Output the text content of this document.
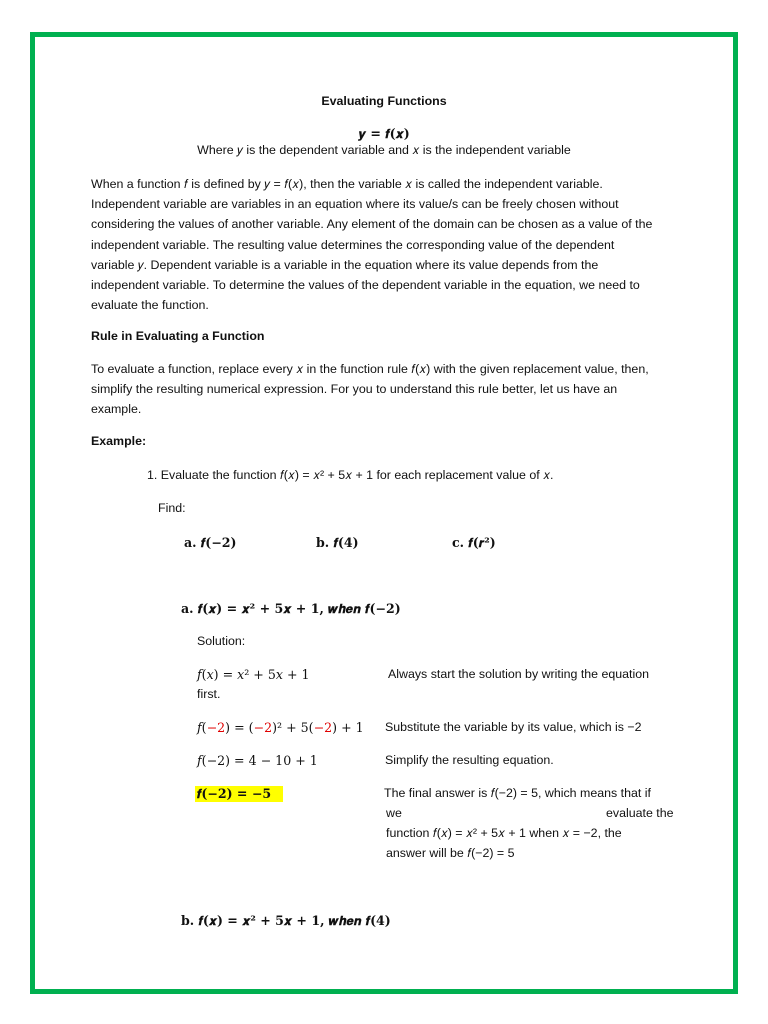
Evaluating Functions
𝒚 = 𝒇(𝒙)
Where 𝑦 is the dependent variable and 𝑥 is the independent variable
When a function 𝑓 is defined by 𝑦 = 𝑓(𝑥), then the variable 𝑥 is called the independent variable.
Independent variable are variables in an equation where its value/s can be freely chosen without
considering the values of another variable. Any element of the domain can be chosen as a value of the
independent variable. The resulting value determines the corresponding value of the dependent
variable 𝑦. Dependent variable is a variable in the equation where its value depends from the
independent variable. To determine the values of the dependent variable in the equation, we need to
evaluate the function.
Rule in Evaluating a Function
To evaluate a function, replace every 𝑥 in the function rule 𝑓(𝑥) with the given replacement value, then,
simplify the resulting numerical expression. For you to understand this rule better, let us have an
example.
Example:
1. Evaluate the function 𝑓(𝑥) = 𝑥² + 5𝑥 + 1 for each replacement value of 𝑥.
Find:
a. 𝒇(−𝟐)	b. 𝒇(𝟒)	c. 𝒇(𝒓²)
a. 𝒇(𝒙) = 𝒙² + 𝟓𝒙 + 𝟏, 𝒘𝒉𝒆𝒏 𝒇(−𝟐)
Solution:
𝑓(𝑥) = 𝑥² + 5𝑥 + 1	Always start the solution by writing the equation
first.
𝑓(−2) = (−2)² + 5(−2) + 1 Substitute the variable by its value, which is −2
𝑓(−2) = 4 − 10 + 1	Simplify the resulting equation.
𝒇(−𝟐) = −𝟓	The final answer is 𝑓(−2) = 5, which means that if
we	evaluate the
function 𝑓(𝑥) = 𝑥² + 5𝑥 + 1 when 𝑥 = −2, the
answer will be 𝑓(−2) = 5
b. 𝒇(𝒙) = 𝒙² + 𝟓𝒙 + 𝟏, 𝒘𝒉𝒆𝒏 𝒇(𝟒)
